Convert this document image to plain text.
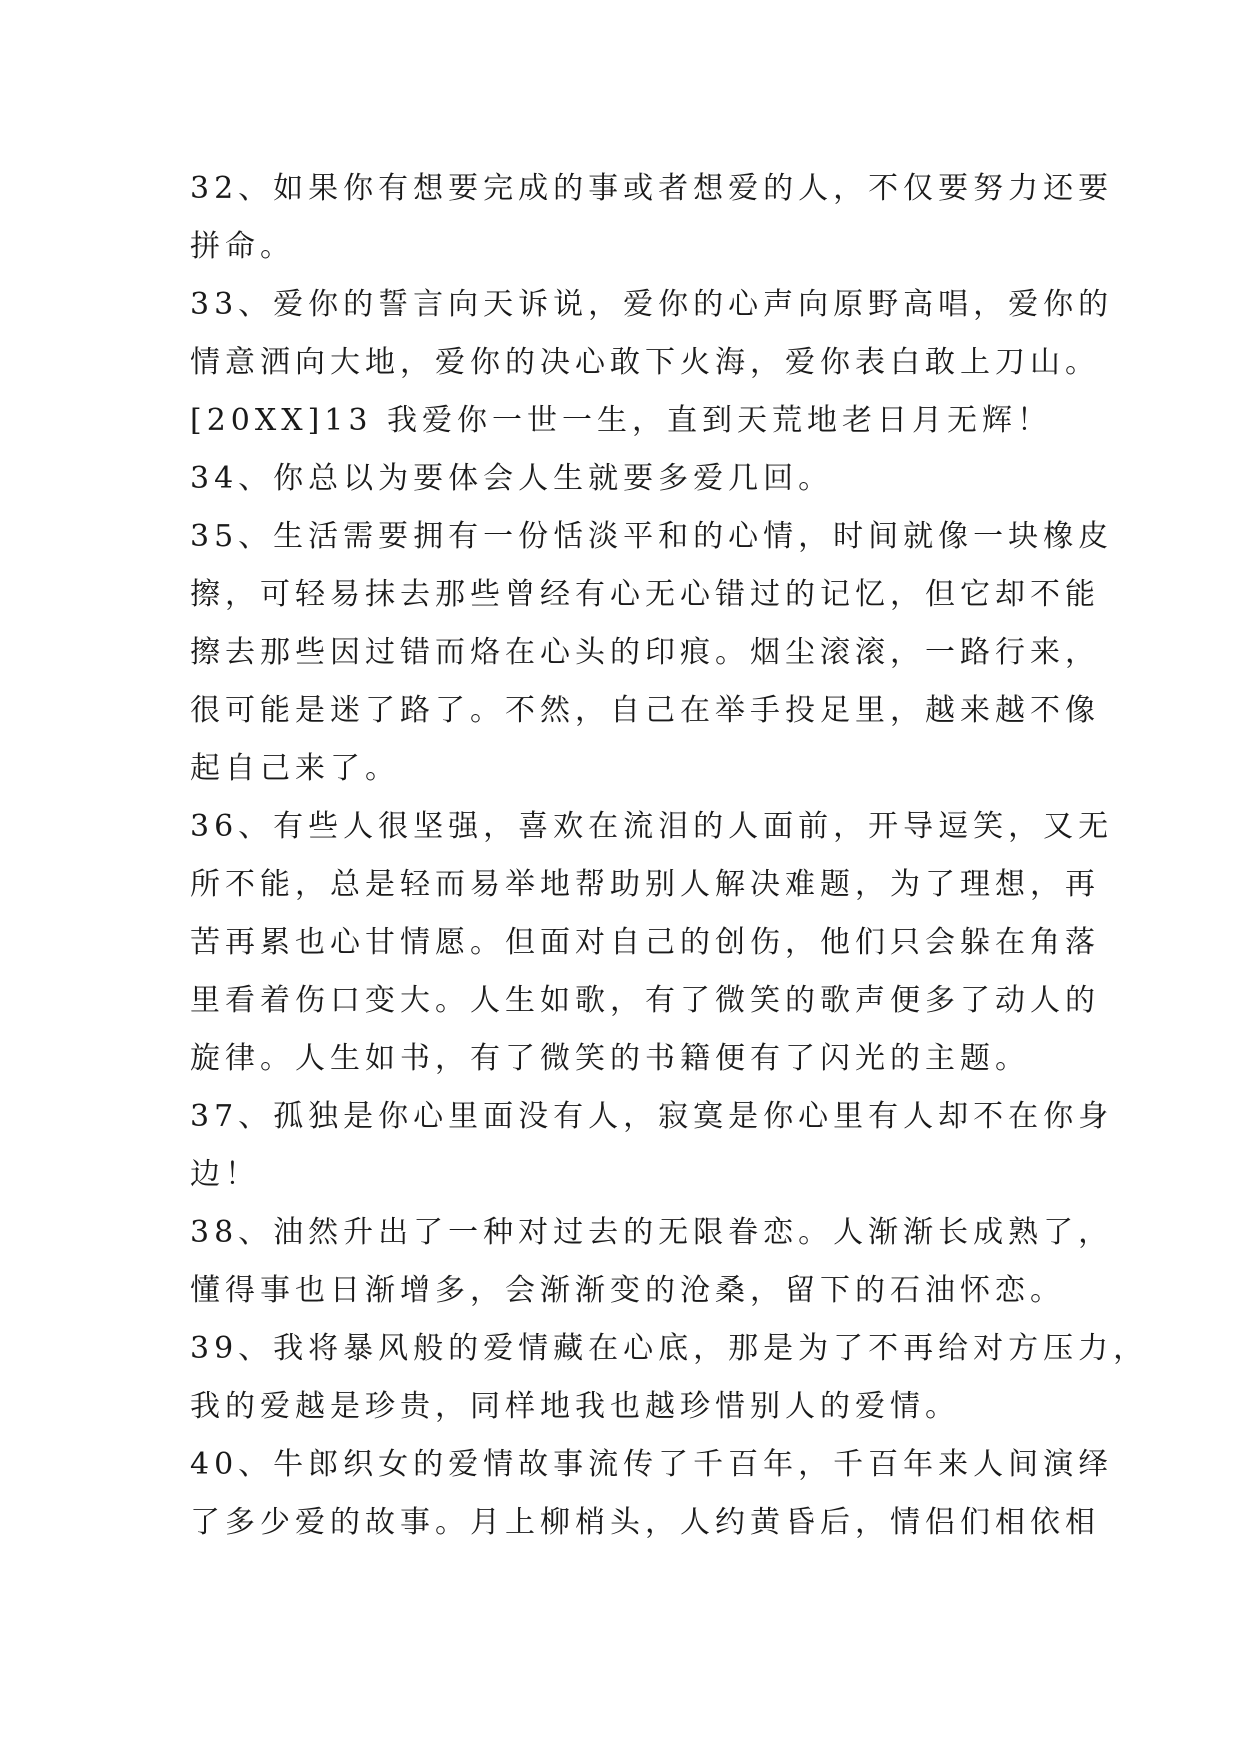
32、如果你有想要完成的事或者想爱的人，不仅要努力还要
拼命。
33、爱你的誓言向天诉说，爱你的心声向原野高唱，爱你的
情意洒向大地，爱你的决心敢下火海，爱你表白敢上刀山。
[20XX]13 我爱你一世一生，直到天荒地老日月无辉！
34、你总以为要体会人生就要多爱几回。
35、生活需要拥有一份恬淡平和的心情，时间就像一块橡皮
擦，可轻易抹去那些曾经有心无心错过的记忆，但它却不能
擦去那些因过错而烙在心头的印痕。烟尘滚滚，一路行来，
很可能是迷了路了。不然，自己在举手投足里，越来越不像
起自己来了。
36、有些人很坚强，喜欢在流泪的人面前，开导逗笑，又无
所不能，总是轻而易举地帮助别人解决难题，为了理想，再
苦再累也心甘情愿。但面对自己的创伤，他们只会躲在角落
里看着伤口变大。人生如歌，有了微笑的歌声便多了动人的
旋律。人生如书，有了微笑的书籍便有了闪光的主题。
37、孤独是你心里面没有人，寂寞是你心里有人却不在你身
边！
38、油然升出了一种对过去的无限眷恋。人渐渐长成熟了，
懂得事也日渐增多，会渐渐变的沧桑，留下的石油怀恋。
39、我将暴风般的爱情藏在心底，那是为了不再给对方压力，
我的爱越是珍贵，同样地我也越珍惜别人的爱情。
40、牛郎织女的爱情故事流传了千百年，千百年来人间演绎
了多少爱的故事。月上柳梢头，人约黄昏后，情侣们相依相
